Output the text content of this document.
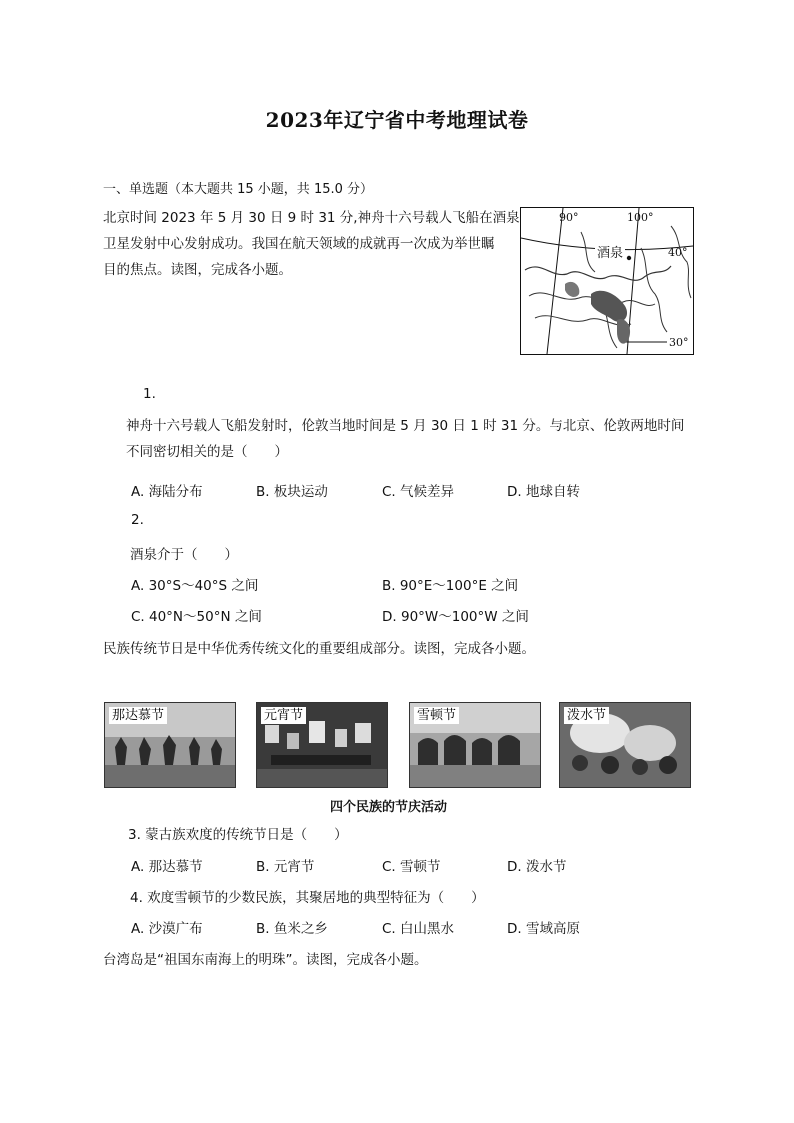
2023年辽宁省中考地理试卷
一、单选题（本大题共 15 小题，共 15.0 分）
北京时间 2023 年 5 月 30 日 9 时 31 分,神舟十六号载人飞船在酒泉
卫星发射中心发射成功。我国在航天领域的成就再一次成为举世瞩
目的焦点。读图，完成各小题。
90°	100°
40°
30°
酒泉
1.
神舟十六号载人飞船发射时，伦敦当地时间是 5 月 30 日 1 时 31 分。与北京、伦敦两地时间
不同密切相关的是（　　）
A. 海陆分布	B. 板块运动	C. 气候差异	D. 地球自转
2.
酒泉介于（　　）
A. 30°S～40°S 之间	B. 90°E～100°E 之间
C. 40°N～50°N 之间	D. 90°W～100°W 之间
民族传统节日是中华优秀传统文化的重要组成部分。读图，完成各小题。
那达慕节	元宵节	雪顿节	泼水节
四个民族的节庆活动
3. 蒙古族欢度的传统节日是（　　）
A. 那达慕节	B. 元宵节	C. 雪顿节	D. 泼水节
4. 欢度雪顿节的少数民族，其聚居地的典型特征为（　　）
A. 沙漠广布	B. 鱼米之乡	C. 白山黑水	D. 雪域高原
台湾岛是“祖国东南海上的明珠”。读图，完成各小题。
